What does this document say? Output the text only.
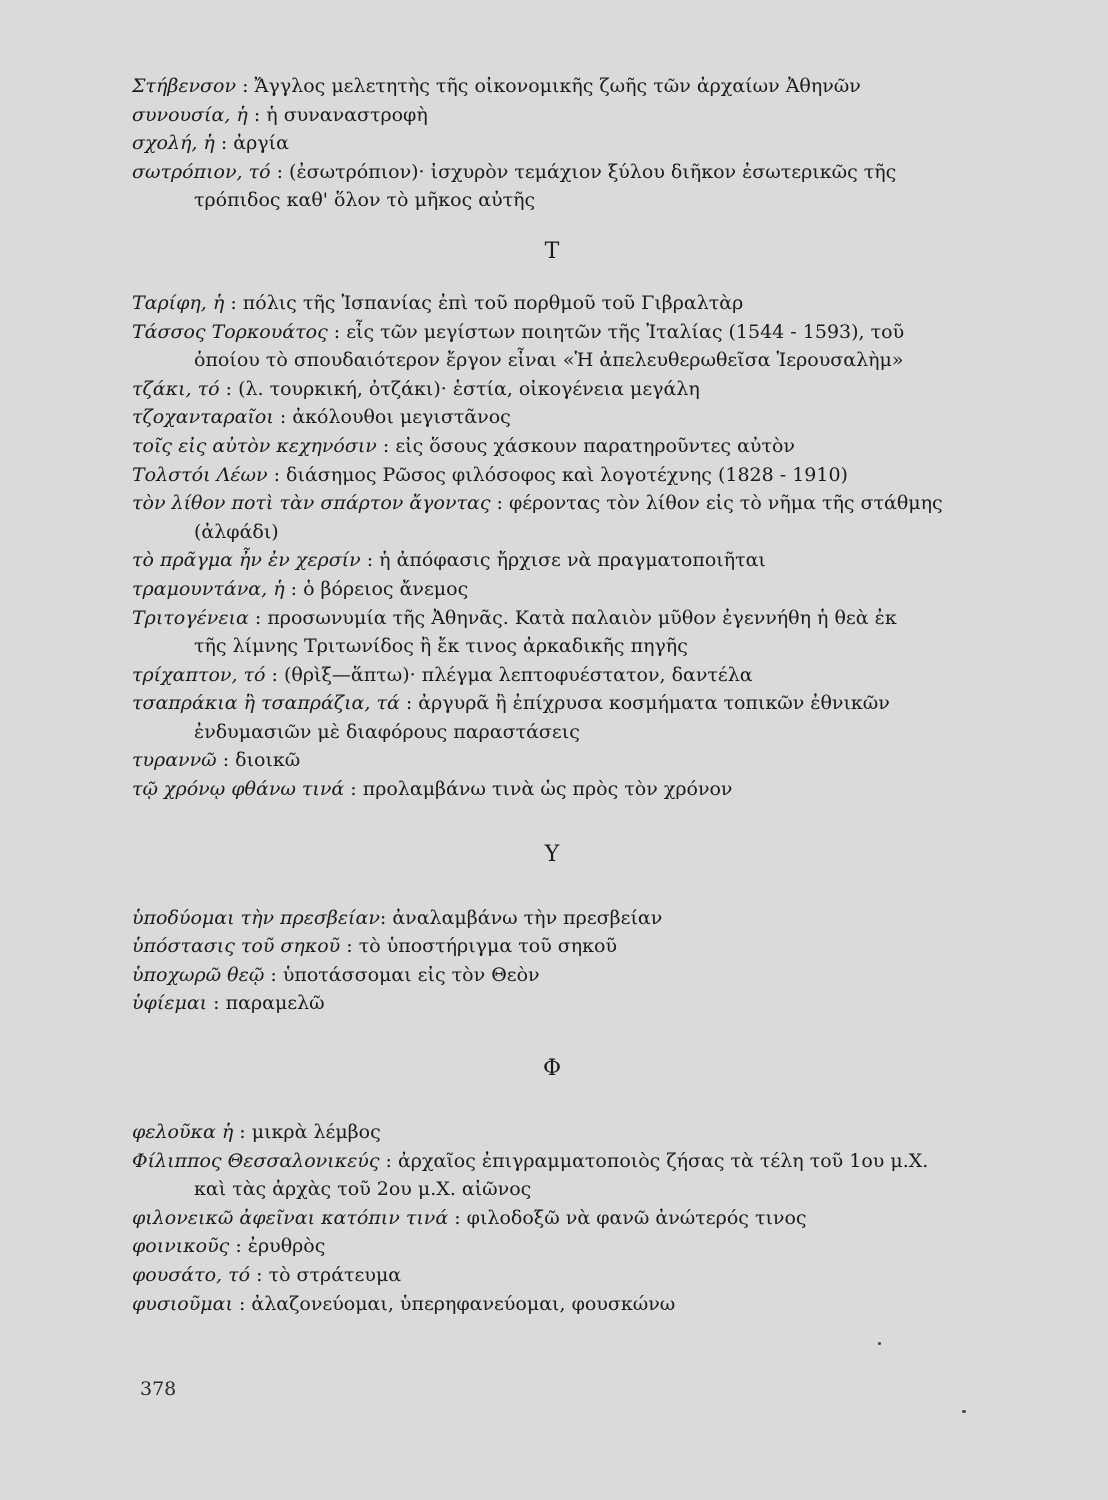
Στήβενσον : Ἄγγλος μελετητὴς τῆς οἰκονομικῆς ζωῆς τῶν ἀρχαίων Ἀθηνῶν
συνουσία, ἡ : ἡ συναναστροφὴ
σχολή, ἡ : ἀργία
σωτρόπιον, τό : (ἐσωτρόπιον)· ἰσχυρὸν τεμάχιον ξύλου διῆκον ἐσωτερικῶς τῆς
τρόπιδος καθ' ὅλον τὸ μῆκος αὐτῆς
Τ
Ταρίφη, ἡ : πόλις τῆς Ἱσπανίας ἐπὶ τοῦ πορθμοῦ τοῦ Γιβραλτὰρ
Τάσσος Τορκουάτος : εἷς τῶν μεγίστων ποιητῶν τῆς Ἰταλίας (1544 - 1593), τοῦ
ὁποίου τὸ σπουδαιότερον ἔργον εἶναι «Ἡ ἀπελευθερωθεῖσα Ἱερουσαλὴμ»
τζάκι, τό : (λ. τουρκική, ὀτζάκι)· ἑστία, οἰκογένεια μεγάλη
τζοχανταραῖοι : ἀκόλουθοι μεγιστᾶνος
τοῖς εἰς αὐτὸν κεχηνόσιν : εἰς ὅσους χάσκουν παρατηροῦντες αὐτὸν
Τολστόι Λέων : διάσημος Ρῶσος φιλόσοφος καὶ λογοτέχνης (1828 - 1910)
τὸν λίθον ποτὶ τὰν σπάρτον ἄγοντας : φέροντας τὸν λίθον εἰς τὸ νῆμα τῆς στάθμης
(ἀλφάδι)
τὸ πρᾶγμα ἦν ἐν χερσίν : ἡ ἀπόφασις ἤρχισε νὰ πραγματοποιῆται
τραμουντάνα, ἡ : ὁ βόρειος ἄνεμος
Τριτογένεια : προσωνυμία τῆς Ἀθηνᾶς. Κατὰ παλαιὸν μῦθον ἐγεννήθη ἡ θεὰ ἐκ
τῆς λίμνης Τριτωνίδος ἢ ἔκ τινος ἀρκαδικῆς πηγῆς
τρίχαπτον, τό : (θρὶξ—ἅπτω)· πλέγμα λεπτοφυέστατον, δαντέλα
τσαπράκια ἢ τσαπράζια, τά : ἀργυρᾶ ἢ ἐπίχρυσα κοσμήματα τοπικῶν ἐθνικῶν
ἐνδυμασιῶν μὲ διαφόρους παραστάσεις
τυραννῶ : διοικῶ
τῷ χρόνῳ φθάνω τινά : προλαμβάνω τινὰ ὡς πρὸς τὸν χρόνον
Υ
ὑποδύομαι τὴν πρεσβείαν: ἀναλαμβάνω τὴν πρεσβείαν
ὑπόστασις τοῦ σηκοῦ : τὸ ὑποστήριγμα τοῦ σηκοῦ
ὑποχωρῶ θεῷ : ὑποτάσσομαι εἰς τὸν Θεὸν
ὑφίεμαι : παραμελῶ
Φ
φελοῦκα ἡ : μικρὰ λέμβος
Φίλιππος Θεσσαλονικεύς : ἀρχαῖος ἐπιγραμματοποιὸς ζήσας τὰ τέλη τοῦ 1ου μ.Χ.
καὶ τὰς ἀρχὰς τοῦ 2ου μ.Χ. αἰῶνος
φιλονεικῶ ἀφεῖναι κατόπιν τινά : φιλοδοξῶ νὰ φανῶ ἀνώτερός τινος
φοινικοῦς : ἐρυθρὸς
φουσάτο, τό : τὸ στράτευμα
φυσιοῦμαι : ἀλαζονεύομαι, ὑπερηφανεύομαι, φουσκώνω
378
